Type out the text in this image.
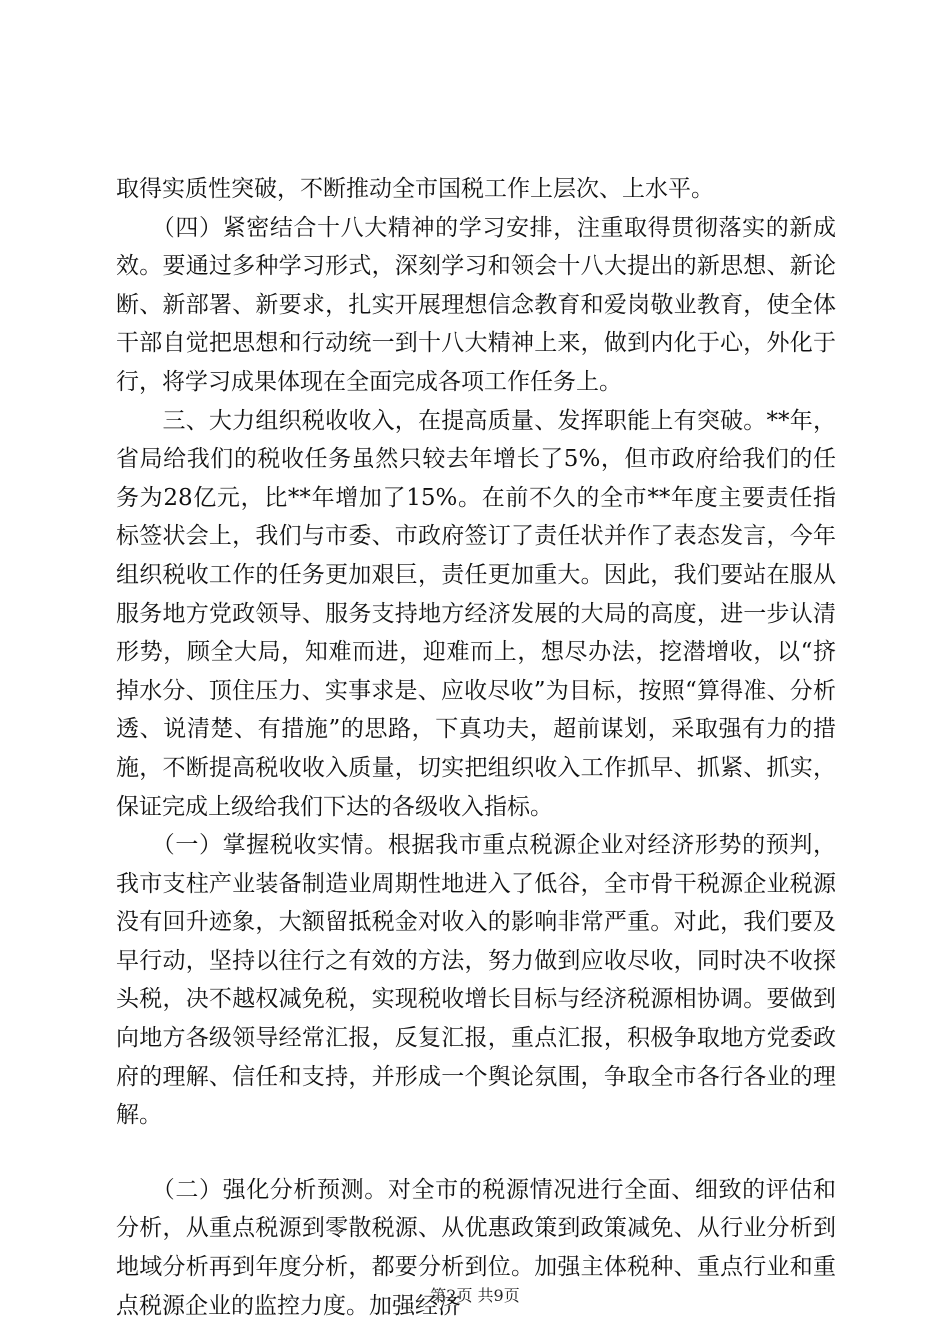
取得实质性突破，不断推动全市国税工作上层次、上水平。

　　（四）紧密结合十八大精神的学习安排，注重取得贯彻落实的新成效。要通过多种学习形式，深刻学习和领会十八大提出的新思想、新论断、新部署、新要求，扎实开展理想信念教育和爱岗敬业教育，使全体干部自觉把思想和行动统一到十八大精神上来，做到内化于心，外化于行，将学习成果体现在全面完成各项工作任务上。

　　三、大力组织税收收入，在提高质量、发挥职能上有突破。**年，省局给我们的税收任务虽然只较去年增长了5%，但市政府给我们的任务为28亿元，比**年增加了15%。在前不久的全市**年度主要责任指标签状会上，我们与市委、市政府签订了责任状并作了表态发言，今年组织税收工作的任务更加艰巨，责任更加重大。因此，我们要站在服从服务地方党政领导、服务支持地方经济发展的大局的高度，进一步认清形势，顾全大局，知难而进，迎难而上，想尽办法，挖潜增收，以“挤掉水分、顶住压力、实事求是、应收尽收”为目标，按照“算得准、分析透、说清楚、有措施”的思路，下真功夫，超前谋划，采取强有力的措施，不断提高税收收入质量，切实把组织收入工作抓早、抓紧、抓实，保证完成上级给我们下达的各级收入指标。

　　（一）掌握税收实情。根据我市重点税源企业对经济形势的预判，我市支柱产业装备制造业周期性地进入了低谷，全市骨干税源企业税源没有回升迹象，大额留抵税金对收入的影响非常严重。对此，我们要及早行动，坚持以往行之有效的方法，努力做到应收尽收，同时决不收探头税，决不越权减免税，实现税收增长目标与经济税源相协调。要做到向地方各级领导经常汇报，反复汇报，重点汇报，积极争取地方党委政府的理解、信任和支持，并形成一个舆论氛围，争取全市各行各业的理解。

　　（二）强化分析预测。对全市的税源情况进行全面、细致的评估和分析，从重点税源到零散税源、从优惠政策到政策减免、从行业分析到地域分析再到年度分析，都要分析到位。加强主体税种、重点行业和重点税源企业的监控力度。加强经济

第2页 共9页
